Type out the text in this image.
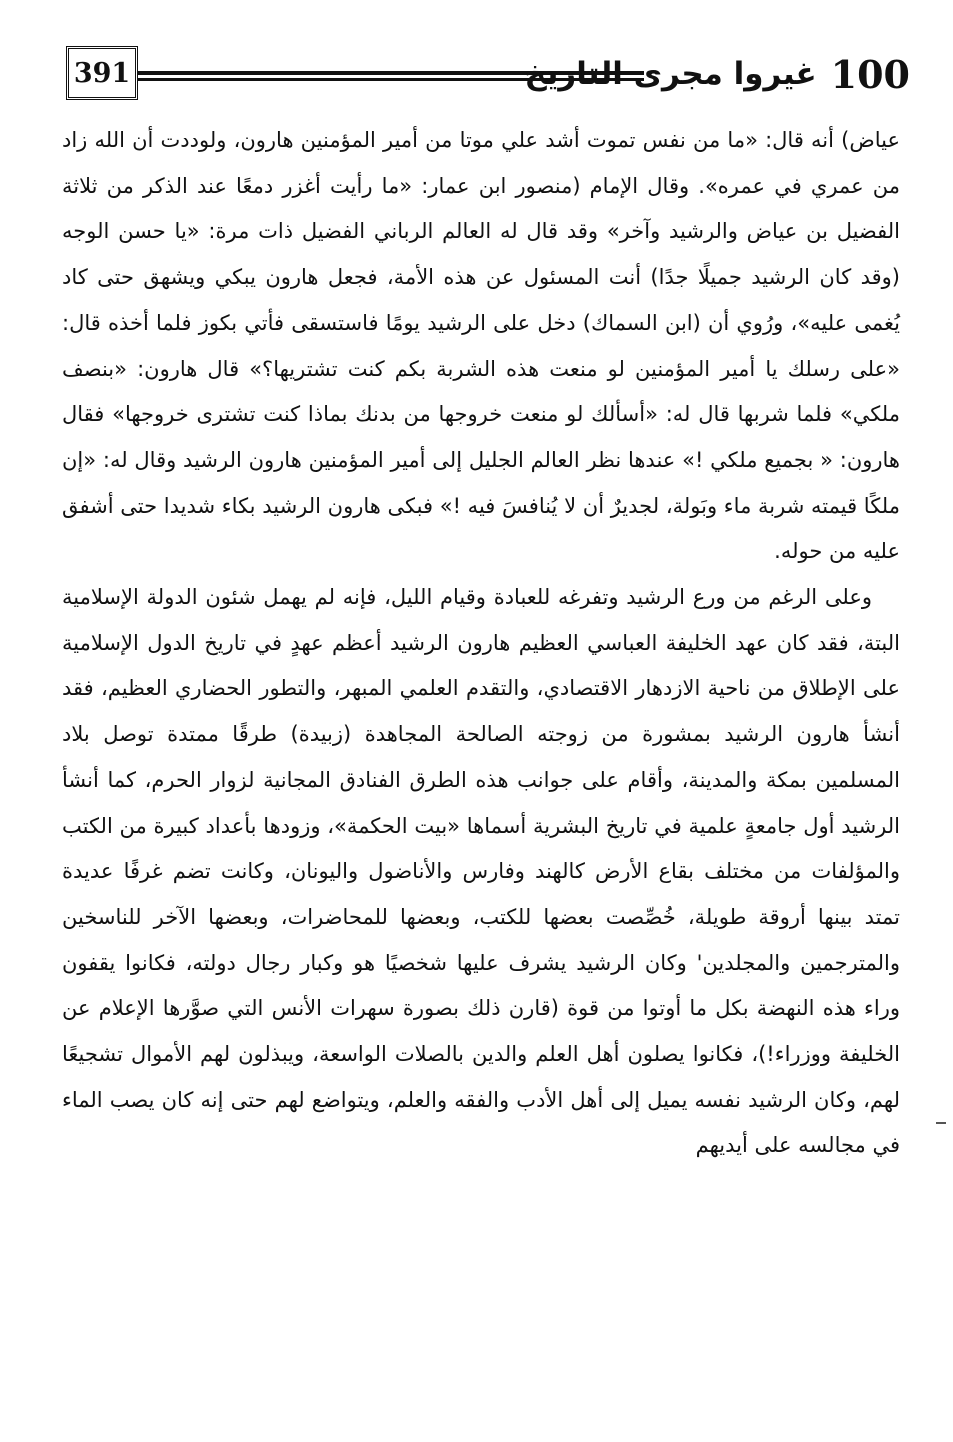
391	100
غيروا مجرى التاريخ

عياض) أنه قال: «ما من نفس تموت أشد علي موتا من أمير المؤمنين هارون، ولوددت أن الله زاد من عمري في عمره». وقال الإمام (منصور ابن عمار: «ما رأيت أغزر دمعًا عند الذكر من ثلاثة الفضيل بن عياض والرشيد وآخر» وقد قال له العالم الرباني الفضيل ذات مرة: «يا حسن الوجه (وقد كان الرشيد جميلًا جدًا) أنت المسئول عن هذه الأمة، فجعل هارون يبكي ويشهق حتى كاد يُغمى عليه»، ورُوي أن (ابن السماك) دخل على الرشيد يومًا فاستسقى فأتي بكوز فلما أخذه قال: «على رسلك يا أمير المؤمنين لو منعت هذه الشربة بكم كنت تشتريها؟» قال هارون: «بنصف ملكي» فلما شربها قال له: «أسألك لو منعت خروجها من بدنك بماذا كنت تشترى خروجها» فقال هارون: « بجميع ملكي !» عندها نظر العالم الجليل إلى أمير المؤمنين هارون الرشيد وقال له: «إن ملكًا قيمته شربة ماء وبَولة، لجديرٌ أن لا يُنافسَ فيه !» فبكى هارون الرشيد بكاء شديدا حتى أشفق عليه من حوله.

وعلى الرغم من ورع الرشيد وتفرغه للعبادة وقيام الليل، فإنه لم يهمل شئون الدولة الإسلامية البتة، فقد كان عهد الخليفة العباسي العظيم هارون الرشيد أعظم عهدٍ في تاريخ الدول الإسلامية على الإطلاق من ناحية الازدهار الاقتصادي، والتقدم العلمي المبهر، والتطور الحضاري العظيم، فقد أنشأ هارون الرشيد بمشورة من زوجته الصالحة المجاهدة (زبيدة) طرقًا ممتدة توصل بلاد المسلمين بمكة والمدينة، وأقام على جوانب هذه الطرق الفنادق المجانية لزوار الحرم، كما أنشأ الرشيد أول جامعةٍ علمية في تاريخ البشرية أسماها «بيت الحكمة»، وزودها بأعداد كبيرة من الكتب والمؤلفات من مختلف بقاع الأرض كالهند وفارس والأناضول واليونان، وكانت تضم غرفًا عديدة تمتد بينها أروقة طويلة، خُصِّصت بعضها للكتب، وبعضها للمحاضرات، وبعضها الآخر للناسخين والمترجمين والمجلدين' وكان الرشيد يشرف عليها شخصيًا هو وكبار رجال دولته، فكانوا يقفون وراء هذه النهضة بكل ما أوتوا من قوة (قارن ذلك بصورة سهرات الأنس التي صوَّرها الإعلام عن الخليفة ووزراء!)، فكانوا يصلون أهل العلم والدين بالصلات الواسعة، ويبذلون لهم الأموال تشجيعًا لهم، وكان الرشيد نفسه يميل إلى أهل الأدب والفقه والعلم، ويتواضع لهم حتى إنه كان يصب الماء في مجالسه على أيديهم
